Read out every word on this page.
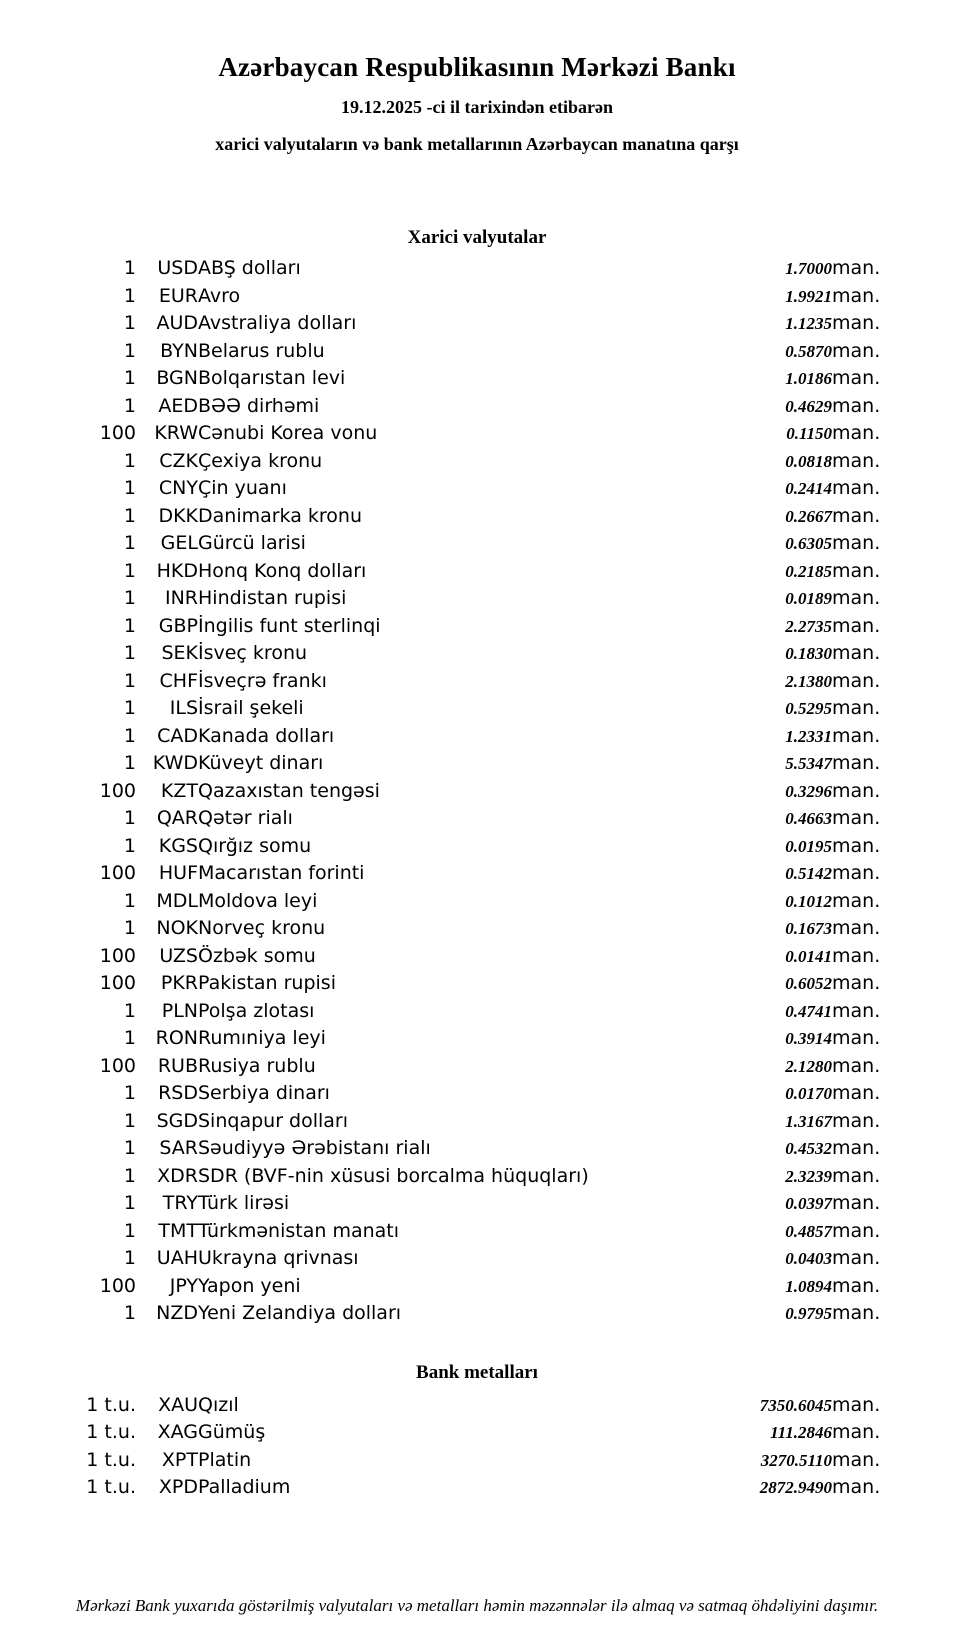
Azərbaycan Respublikasının Mərkəzi Bankı
19.12.2025 -ci il tarixindən etibarən
xarici valyutaların və bank metallarının Azərbaycan manatına qarşı
Xarici valyutalar
1	USD	ABŞ dolları	1.7000	man.
1	EUR	Avro	1.9921	man.
1	AUD	Avstraliya dolları	1.1235	man.
1	BYN	Belarus rublu	0.5870	man.
1	BGN	Bolqarıstan levi	1.0186	man.
1	AED	BƏƏ dirhəmi	0.4629	man.
100	KRW	Cənubi Korea vonu	0.1150	man.
1	CZK	Çexiya kronu	0.0818	man.
1	CNY	Çin yuanı	0.2414	man.
1	DKK	Danimarka kronu	0.2667	man.
1	GEL	Gürcü larisi	0.6305	man.
1	HKD	Honq Konq dolları	0.2185	man.
1	INR	Hindistan rupisi	0.0189	man.
1	GBP	İngilis funt sterlinqi	2.2735	man.
1	SEK	İsveç kronu	0.1830	man.
1	CHF	İsveçrə frankı	2.1380	man.
1	ILS	İsrail şekeli	0.5295	man.
1	CAD	Kanada dolları	1.2331	man.
1	KWD	Küveyt dinarı	5.5347	man.
100	KZT	Qazaxıstan tengəsi	0.3296	man.
1	QAR	Qətər rialı	0.4663	man.
1	KGS	Qırğız somu	0.0195	man.
100	HUF	Macarıstan forinti	0.5142	man.
1	MDL	Moldova leyi	0.1012	man.
1	NOK	Norveç kronu	0.1673	man.
100	UZS	Özbək somu	0.0141	man.
100	PKR	Pakistan rupisi	0.6052	man.
1	PLN	Polşa zlotası	0.4741	man.
1	RON	Rumıniya leyi	0.3914	man.
100	RUB	Rusiya rublu	2.1280	man.
1	RSD	Serbiya dinarı	0.0170	man.
1	SGD	Sinqapur dolları	1.3167	man.
1	SAR	Səudiyyə Ərəbistanı rialı	0.4532	man.
1	XDR	SDR (BVF-nin xüsusi borcalma hüquqları)	2.3239	man.
1	TRY	Türk lirəsi	0.0397	man.
1	TMT	Türkmənistan manatı	0.4857	man.
1	UAH	Ukrayna qrivnası	0.0403	man.
100	JPY	Yapon yeni	1.0894	man.
1	NZD	Yeni Zelandiya dolları	0.9795	man.
Bank metalları
1 t.u.	XAU	Qızıl	7350.6045	man.
1 t.u.	XAG	Gümüş	111.2846	man.
1 t.u.	XPT	Platin	3270.5110	man.
1 t.u.	XPD	Palladium	2872.9490	man.
Mərkəzi Bank yuxarıda göstərilmiş valyutaları və metalları həmin məzənnələr ilə almaq və satmaq öhdəliyini daşımır.
